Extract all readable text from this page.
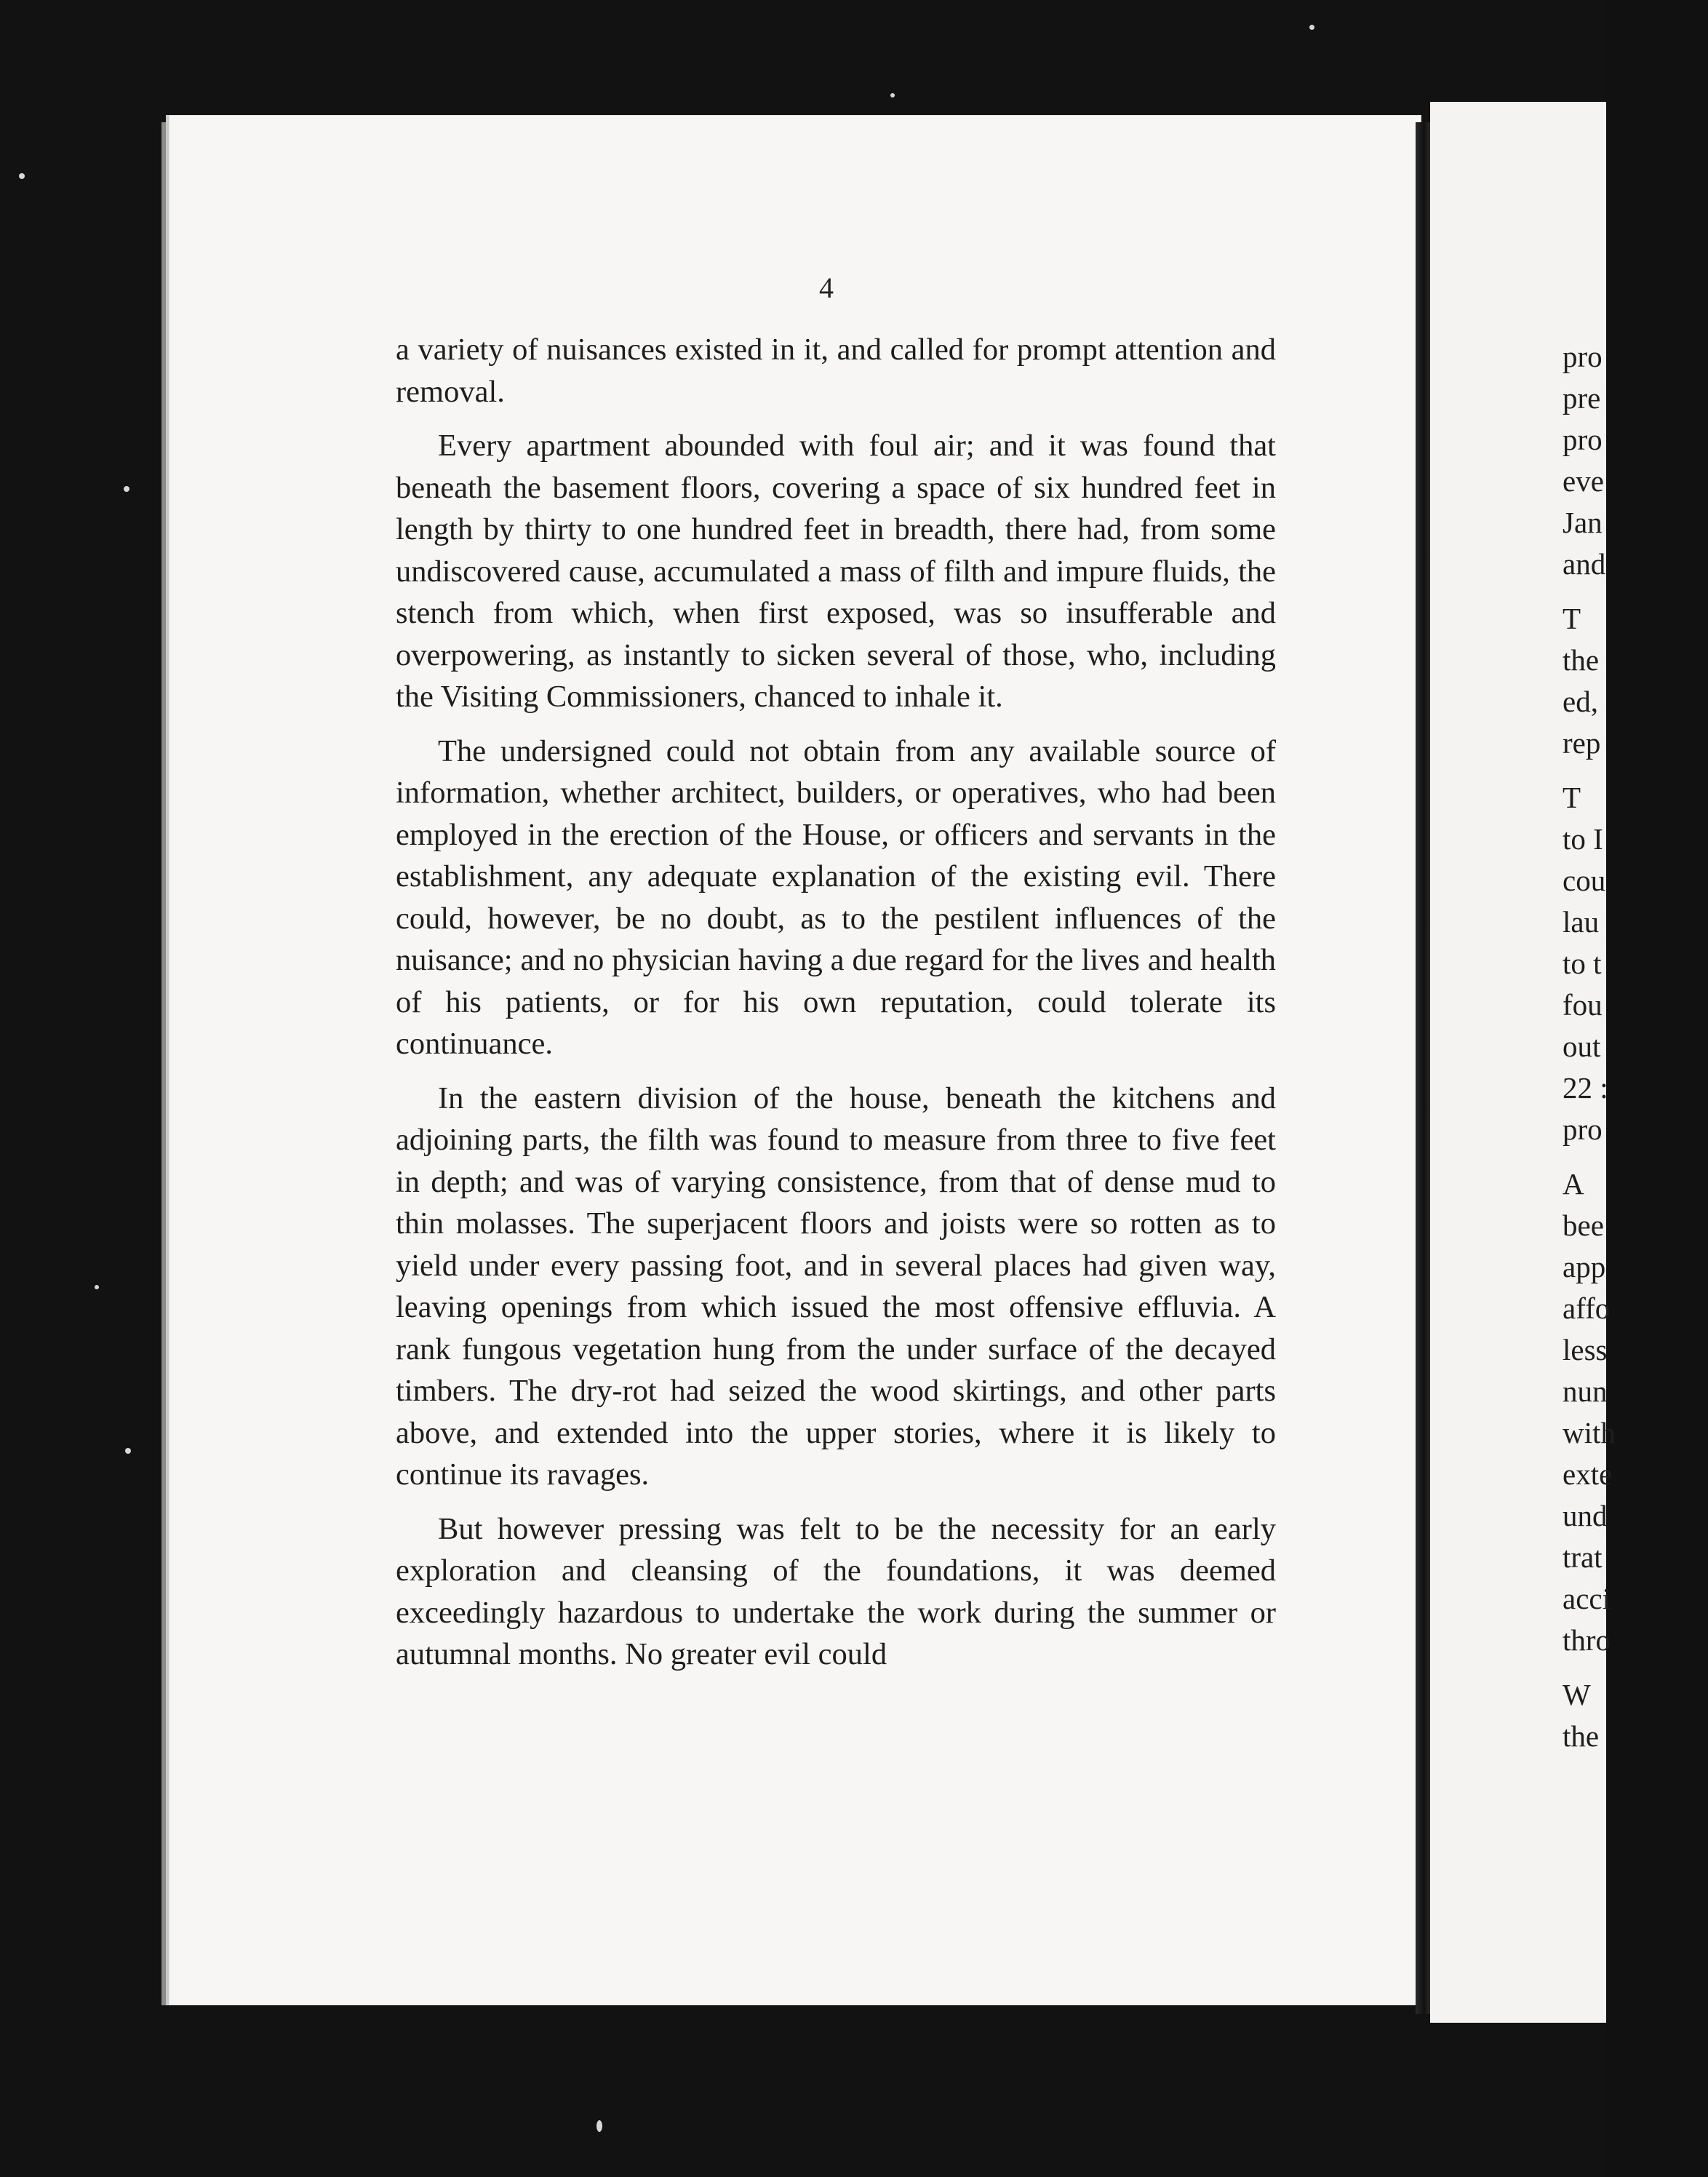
4

a variety of nuisances existed in it, and called for prompt attention and removal.

Every apartment abounded with foul air; and it was found that beneath the basement floors, covering a space of six hundred feet in length by thirty to one hundred feet in breadth, there had, from some undiscovered cause, accumulated a mass of filth and impure fluids, the stench from which, when first exposed, was so insufferable and overpowering, as instantly to sicken several of those, who, including the Visiting Commissioners, chanced to inhale it.

The undersigned could not obtain from any available source of information, whether architect, builders, or operatives, who had been employed in the erection of the House, or officers and servants in the establishment, any adequate explanation of the existing evil. There could, however, be no doubt, as to the pestilent influences of the nuisance; and no physician having a due regard for the lives and health of his patients, or for his own reputation, could tolerate its continuance.

In the eastern division of the house, beneath the kitchens and adjoining parts, the filth was found to measure from three to five feet in depth; and was of varying consistence, from that of dense mud to thin molasses. The superjacent floors and joists were so rotten as to yield under every passing foot, and in several places had given way, leaving openings from which issued the most offensive effluvia. A rank fungous vegetation hung from the under surface of the decayed timbers. The dry-rot had seized the wood skirtings, and other parts above, and extended into the upper stories, where it is likely to continue its ravages.

But however pressing was felt to be the necessity for an early exploration and cleansing of the foundations, it was deemed exceedingly hazardous to undertake the work during the summer or autumnal months. No greater evil could

pro
pre
pro
eve
Jan
and
T
the
ed,
rep
T
to I
cou
lau
to t
fou
out
22 :
pro
A
bee
app
affo
less
nun
with
exte
und
trat
acci
thro
W
the
